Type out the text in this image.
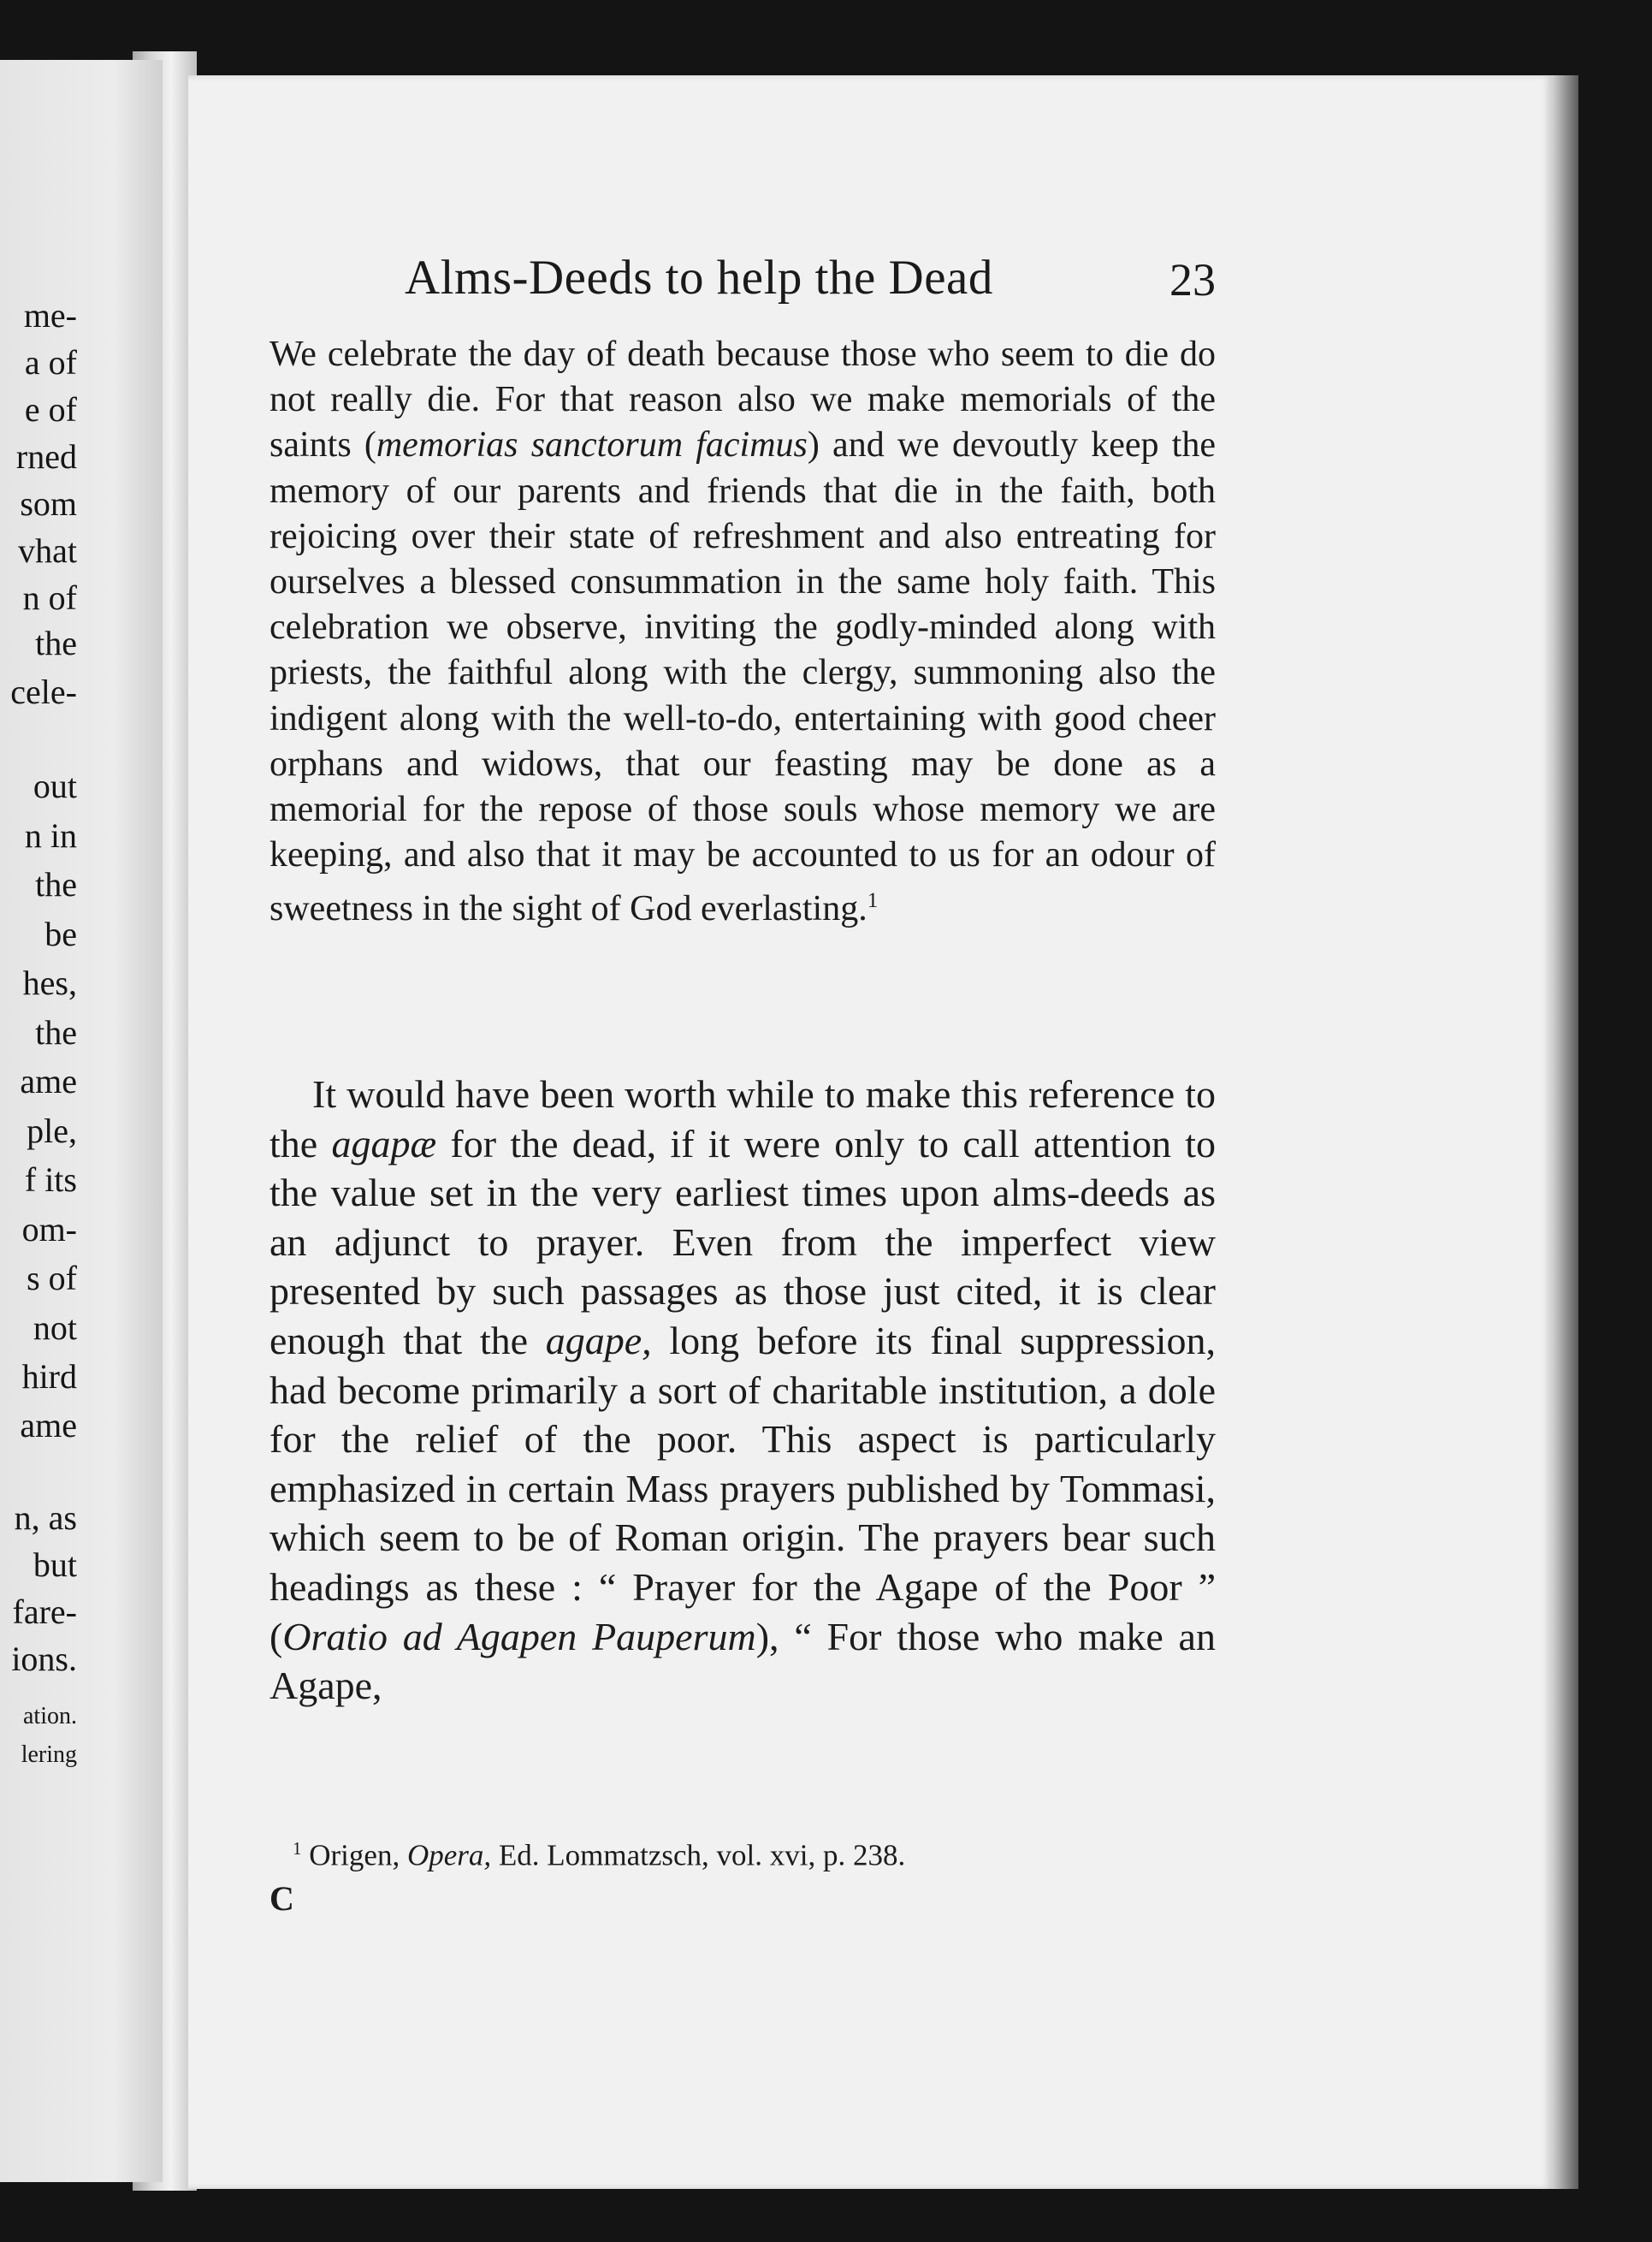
me-
a of
e of
rned
som
vhat
n of
the
cele-
out
n in
the
be
hes,
the
ame
ple,
f its
om-
s of
not
hird
ame
n, as
but
fare-
ions.
ation.
lering
Alms-Deeds to help the Dead	23

We celebrate the day of death because those who seem to die do not really die. For that reason also we make memorials of the saints (memorias sanctorum facimus) and we devoutly keep the memory of our parents and friends that die in the faith, both rejoicing over their state of refreshment and also entreating for ourselves a blessed consummation in the same holy faith. This celebration we observe, inviting the godly-minded along with priests, the faithful along with the clergy, summoning also the indigent along with the well-to-do, entertaining with good cheer orphans and widows, that our feasting may be done as a memorial for the repose of those souls whose memory we are keeping, and also that it may be accounted to us for an odour of sweetness in the sight of God everlasting.$^1$

It would have been worth while to make this reference to the agapæ for the dead, if it were only to call attention to the value set in the very earliest times upon alms-deeds as an adjunct to prayer. Even from the imperfect view presented by such passages as those just cited, it is clear enough that the agape, long before its final suppression, had become primarily a sort of charitable institution, a dole for the relief of the poor. This aspect is particularly emphasized in certain Mass prayers published by Tommasi, which seem to be of Roman origin. The prayers bear such headings as these : “ Prayer for the Agape of the Poor ” (Oratio ad Agapen Pauperum), “ For those who make an Agape,

$^1$ Origen, Opera, Ed. Lommatzsch, vol. xvi, p. 238.
C
